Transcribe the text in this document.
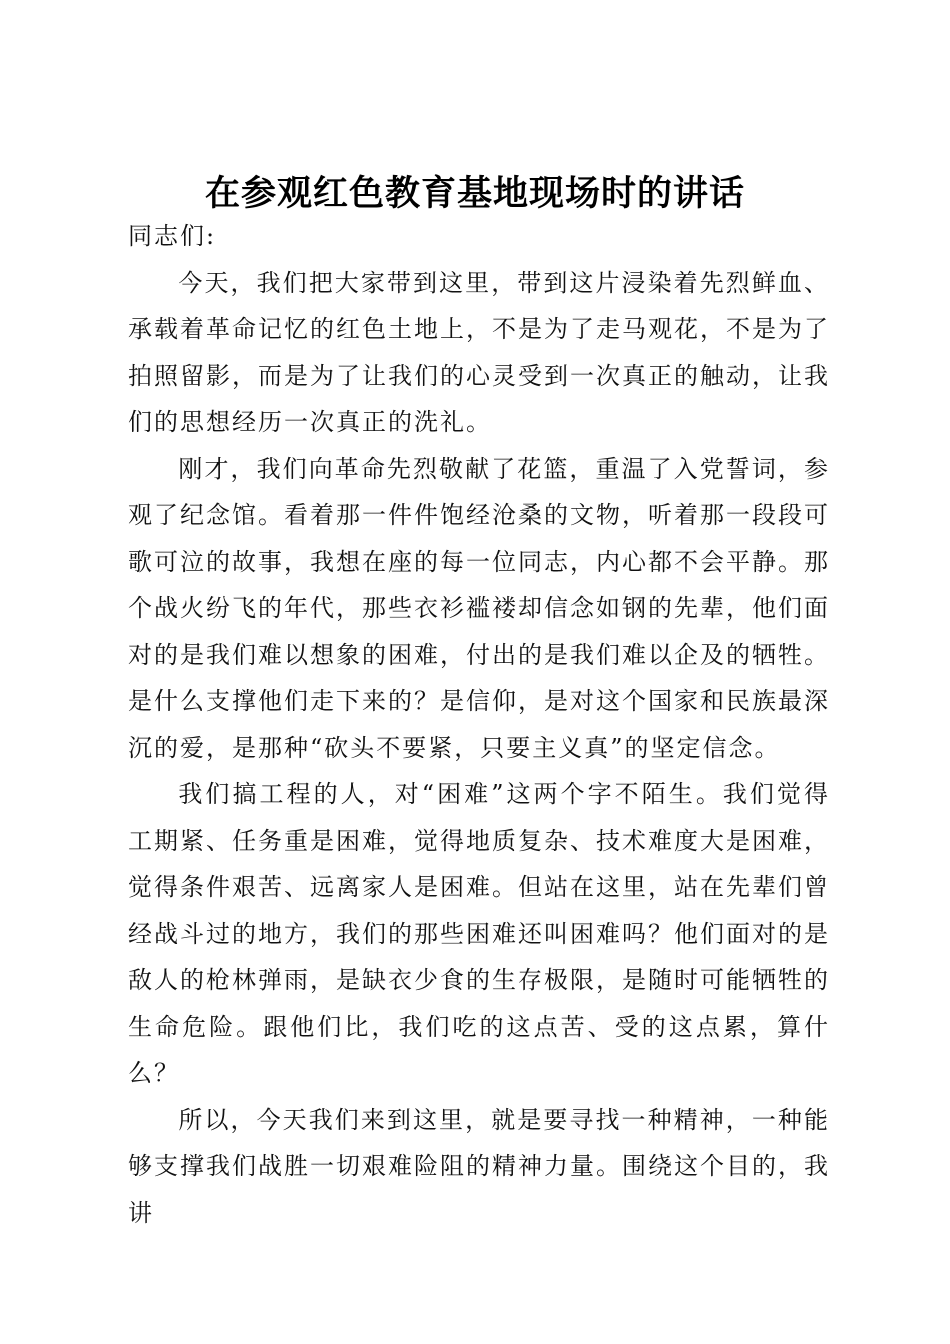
在参观红色教育基地现场时的讲话

同志们:

今天，我们把大家带到这里，带到这片浸染着先烈鲜血、承载着革命记忆的红色土地上，不是为了走马观花，不是为了拍照留影，而是为了让我们的心灵受到一次真正的触动，让我们的思想经历一次真正的洗礼。

刚才，我们向革命先烈敬献了花篮，重温了入党誓词，参观了纪念馆。看着那一件件饱经沧桑的文物，听着那一段段可歌可泣的故事，我想在座的每一位同志，内心都不会平静。那个战火纷飞的年代，那些衣衫褴褛却信念如钢的先辈，他们面对的是我们难以想象的困难，付出的是我们难以企及的牺牲。是什么支撑他们走下来的？是信仰，是对这个国家和民族最深沉的爱，是那种“砍头不要紧，只要主义真”的坚定信念。

我们搞工程的人，对“困难”这两个字不陌生。我们觉得工期紧、任务重是困难，觉得地质复杂、技术难度大是困难，觉得条件艰苦、远离家人是困难。但站在这里，站在先辈们曾经战斗过的地方，我们的那些困难还叫困难吗？他们面对的是敌人的枪林弹雨，是缺衣少食的生存极限，是随时可能牺牲的生命危险。跟他们比，我们吃的这点苦、受的这点累，算什么？

所以，今天我们来到这里，就是要寻找一种精神，一种能够支撑我们战胜一切艰难险阻的精神力量。围绕这个目的，我讲
